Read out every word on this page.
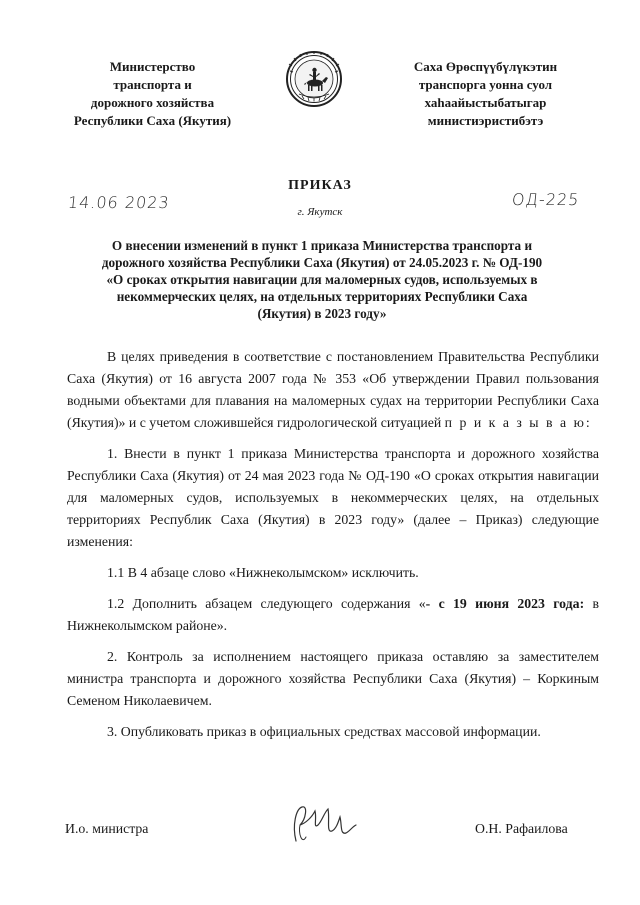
Министерство
транспорта и
дорожного хозяйства
Республики Саха (Якутия)
Саха Өрөспүүбүлүкэтин
транспорга уонна суол
хаһаайыстыбатыгар
министиэристибэтэ
ПРИКАЗ
14.06 2023	ОД-225
г. Якутск
О внесении изменений в пункт 1 приказа Министерства транспорта и
дорожного хозяйства Республики Саха (Якутия) от 24.05.2023 г. № ОД-190
«О сроках открытия навигации для маломерных судов, используемых в
некоммерческих целях, на отдельных территориях Республики Саха
(Якутия) в 2023 году»

В целях приведения в соответствие с постановлением Правительства Республики Саха (Якутия) от 16 августа 2007 года № 353 «Об утверждении Правил пользования водными объектами для плавания на маломерных судах на территории Республики Саха (Якутия)» и с учетом сложившейся гидрологической ситуацией п р и к а з ы в а ю:

1. Внести в пункт 1 приказа Министерства транспорта и дорожного хозяйства Республики Саха (Якутия) от 24 мая 2023 года № ОД-190 «О сроках открытия навигации для маломерных судов, используемых в некоммерческих целях, на отдельных территориях Республик Саха (Якутия) в 2023 году» (далее – Приказ) следующие изменения:

1.1 В 4 абзаце слово «Нижнеколымском» исключить.

1.2 Дополнить абзацем следующего содержания «- с 19 июня 2023 года: в Нижнеколымском районе».

2. Контроль за исполнением настоящего приказа оставляю за заместителем министра транспорта и дорожного хозяйства Республики Саха (Якутия) – Коркиным Семеном Николаевичем.

3. Опубликовать приказ в официальных средствах массовой информации.

И.о. министра	О.Н. Рафаилова
